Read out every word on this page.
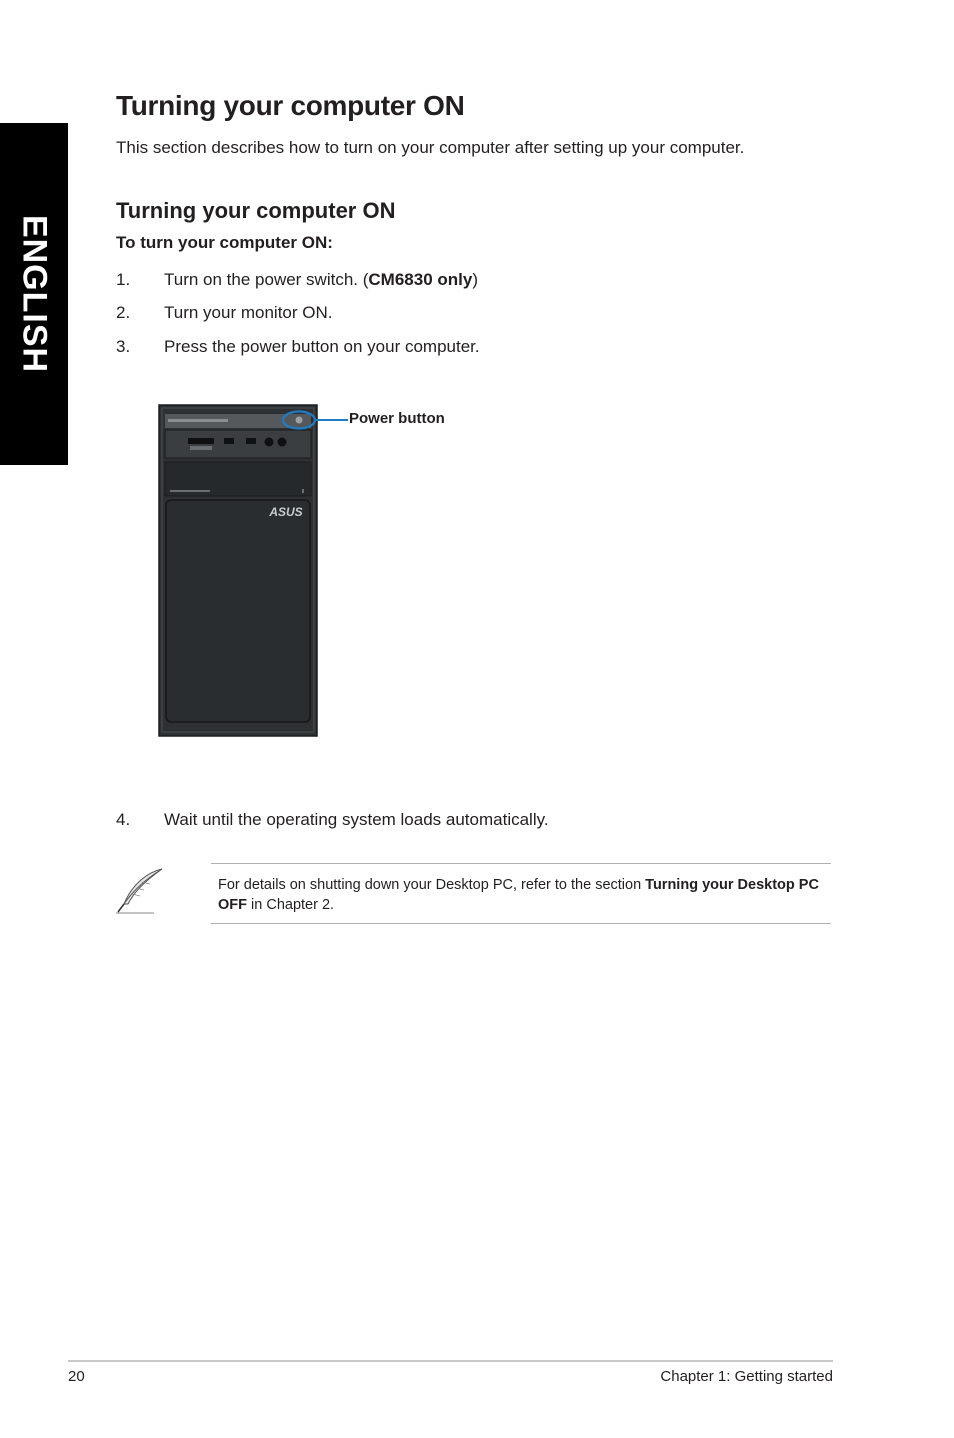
ENGLISH
Turning your computer ON

This section describes how to turn on your computer after setting up your computer.

Turning your computer ON

To turn your computer ON:

1. Turn on the power switch. (CM6830 only)
2. Turn your monitor ON.
3. Press the power button on your computer.
ASUS
Power button
4. Wait until the operating system loads automatically.
For details on shutting down your Desktop PC, refer to the section Turning your Desktop PC OFF in Chapter 2.
20	Chapter 1: Getting started
